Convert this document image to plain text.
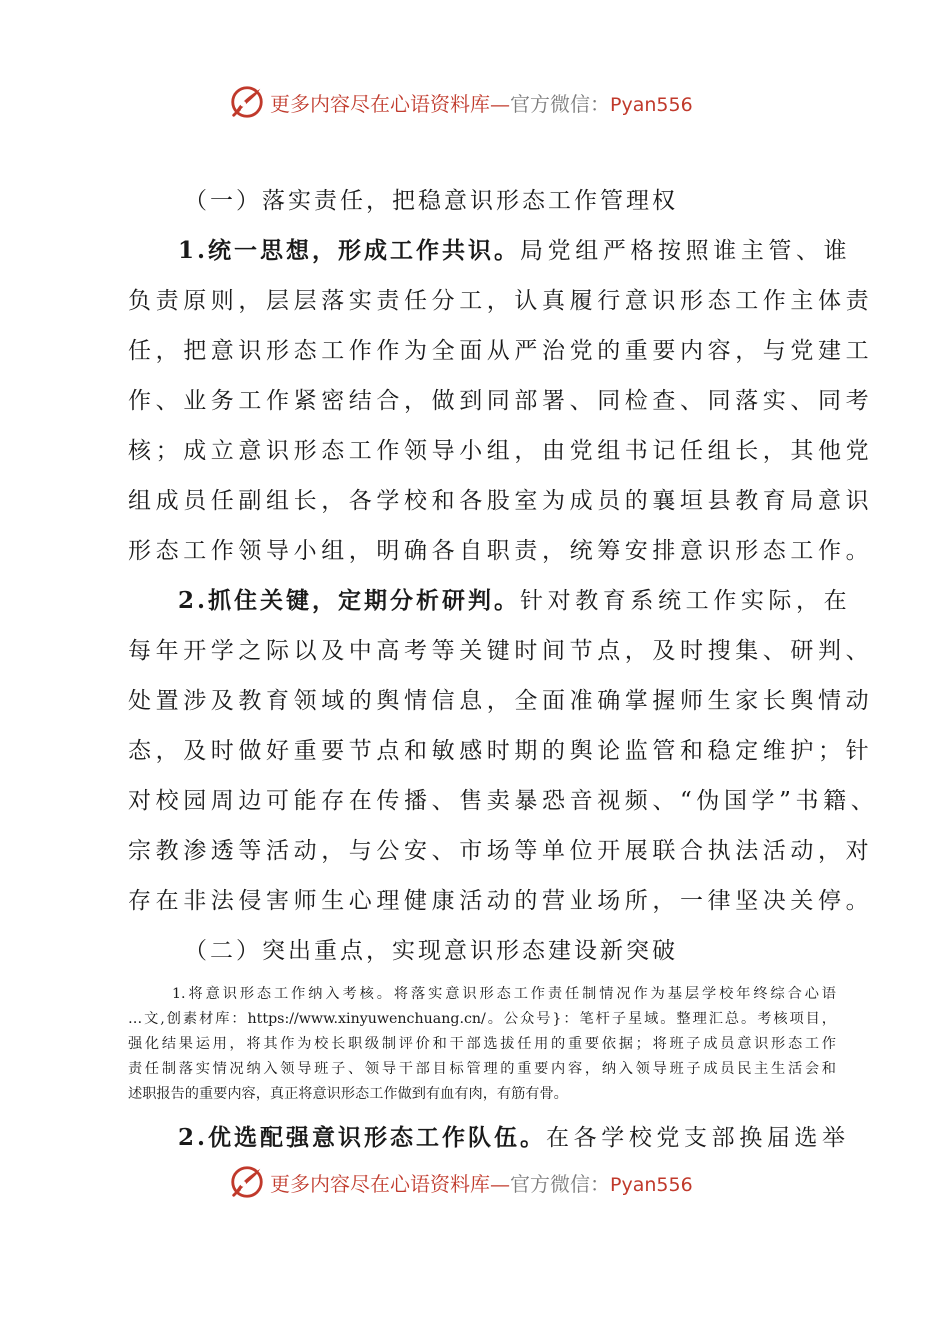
更多内容尽在心语资料库—官方微信：Pyan556
（一）落实责任，把稳意识形态工作管理权
1.统一思想，形成工作共识。局党组严格按照谁主管、谁
负责原则，层层落实责任分工，认真履行意识形态工作主体责
任，把意识形态工作作为全面从严治党的重要内容，与党建工
作、业务工作紧密结合，做到同部署、同检查、同落实、同考
核；成立意识形态工作领导小组，由党组书记任组长，其他党
组成员任副组长，各学校和各股室为成员的襄垣县教育局意识
形态工作领导小组，明确各自职责，统筹安排意识形态工作。
2.抓住关键，定期分析研判。针对教育系统工作实际，在
每年开学之际以及中高考等关键时间节点，及时搜集、研判、
处置涉及教育领域的舆情信息，全面准确掌握师生家长舆情动
态，及时做好重要节点和敏感时期的舆论监管和稳定维护；针
对校园周边可能存在传播、售卖暴恐音视频、“伪国学”书籍、
宗教渗透等活动，与公安、市场等单位开展联合执法活动，对
存在非法侵害师生心理健康活动的营业场所，一律坚决关停。
（二）突出重点，实现意识形态建设新突破
1.将意识形态工作纳入考核。将落实意识形态工作责任制情况作为基层学校年终综合心语
…文,创素材库：https://www.xinyuwenchuang.cn/。公众号}：笔杆子星域。整理汇总。考核项目，
强化结果运用，将其作为校长职级制评价和干部选拔任用的重要依据；将班子成员意识形态工作
责任制落实情况纳入领导班子、领导干部目标管理的重要内容，纳入领导班子成员民主生活会和
述职报告的重要内容，真正将意识形态工作做到有血有肉，有筋有骨。
2.优选配强意识形态工作队伍。在各学校党支部换届选举
更多内容尽在心语资料库—官方微信：Pyan556
